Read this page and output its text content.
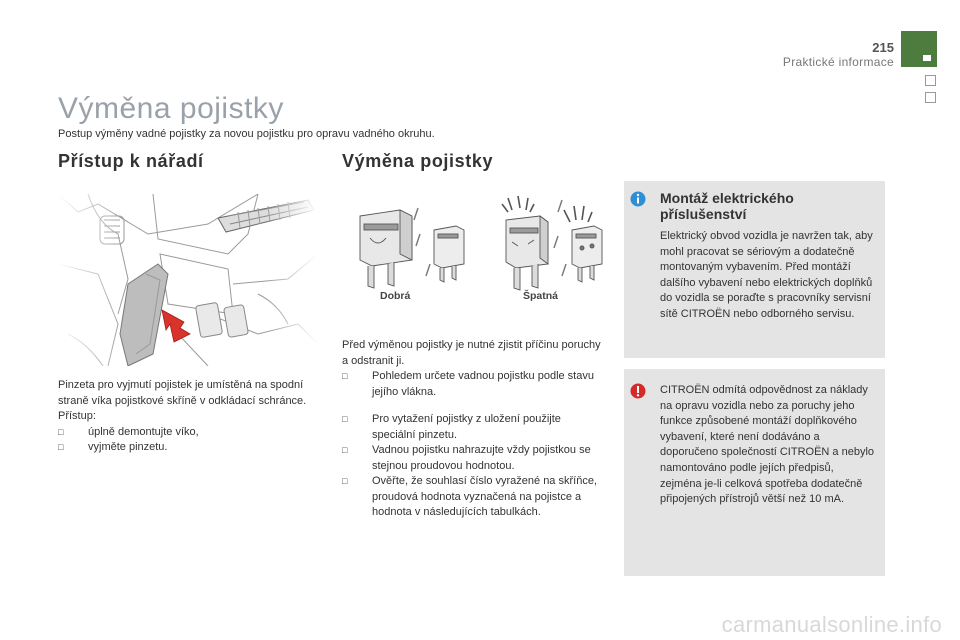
215
Praktické informace
Výměna pojistky

Postup výměny vadné pojistky za novou pojistku pro opravu vadného okruhu.

Přístup k nářadí	Výměna pojistky

Pinzeta pro vyjmutí pojistek je umístěná na spodní straně víka pojistkové skříně v odkládací schránce.

Přístup:

□ úplně demontujte víko,
□ vyjměte pinzetu.
Dobrá	Špatná

Před výměnou pojistky je nutné zjistit příčinu poruchy a odstranit ji.

□ Pohledem určete vadnou pojistku podle stavu jejího vlákna.
□ Pro vytažení pojistky z uložení použijte speciální pinzetu.
□ Vadnou pojistku nahrazujte vždy pojistkou se stejnou proudovou hodnotou.
□ Ověřte, že souhlasí číslo vyražené na skříňce, proudová hodnota vyznačená na pojistce a hodnota v následujících tabulkách.
Montáž elektrického příslušenství

Elektrický obvod vozidla je navržen tak, aby mohl pracovat se sériovým a dodatečně montovaným vybavením. Před montáží dalšího vybavení nebo elektrických doplňků do vozidla se poraďte s pracovníky servisní sítě CITROËN nebo odborného servisu.

CITROËN odmítá odpovědnost za náklady na opravu vozidla nebo za poruchy jeho funkce způsobené montáží doplňkového vybavení, které není dodáváno a doporučeno společností CITROËN a nebylo namontováno podle jejích předpisů, zejména je-li celková spotřeba dodatečně připojených přístrojů větší než 10 mA.

carmanualsonline.info
